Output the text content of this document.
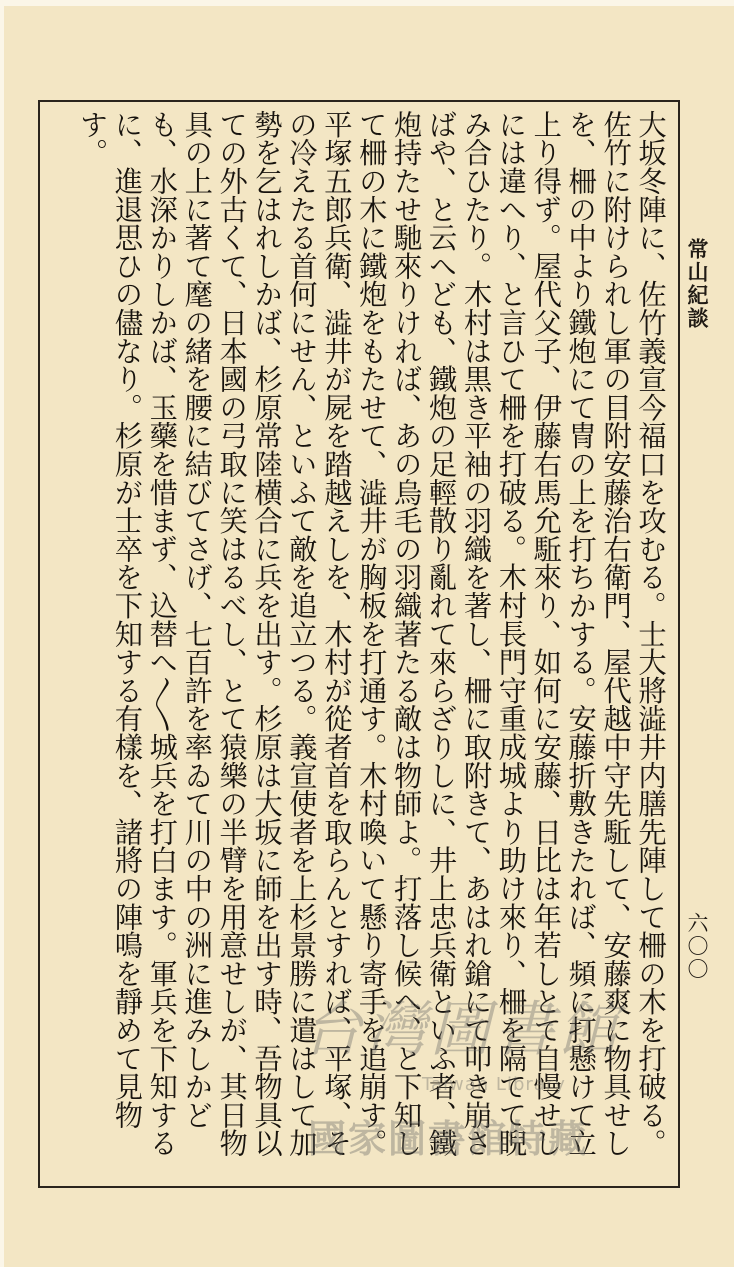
常山紀談
六〇〇

大坂冬陣に、佐竹義宣今福口を攻むる。士大將澁井内膳先陣して柵の木を打破る。佐竹に附けられし軍の目附安藤治右衛門、屋代越中守先駈して、安藤爽に物具せしを、柵の中より鐵炮にて冑の上を打ちかする。安藤折敷きたれば、頻に打懸けて立上り得ず。屋代父子、伊藤右馬允駈來り、如何に安藤、日比は年若しとて自慢せしには違へり、と言ひて柵を打破る。木村長門守重成城より助け來り、柵を隔てて睨み合ひたり。木村は黒き平袖の羽織を著し、柵に取附きて、あはれ鎗にて叩き崩さばや、と云へども、鐵炮の足輕散り亂れて來らざりしに、井上忠兵衛といふ者、鐵炮持たせ馳來りければ、あの烏毛の羽織著たる敵は物師よ。打落し候へ、と下知して柵の木に鐵炮をもたせて、澁井が胸板を打通す。木村喚いて懸り寄手を追崩す。平塚五郎兵衛、澁井が屍を踏越えしを、木村が從者首を取らんとすれば、平塚、その冷えたる首何にせん、といふて敵を追立つる。義宣使者を上杉景勝に遣はして加勢を乞はれしかば、杉原常陸横合に兵を出す。杉原は大坂に師を出す時、吾物具以ての外古くて、日本國の弓取に笑はるべし、とて猿樂の半臂を用意せしが、其日物具の上に著て麾の緒を腰に結びてさげ、七百許を率ゐて川の中の洲に進みしかども、水深かりしかば、玉藥を惜まず、込替へ〳〵城兵を打白ます。軍兵を下知するに、進退思ひの儘なり。杉原が士卒を下知する有樣を、諸將の陣鳴を靜めて見物す。

台灣圖書館
Taiwan Library
國家圖書館特藏
